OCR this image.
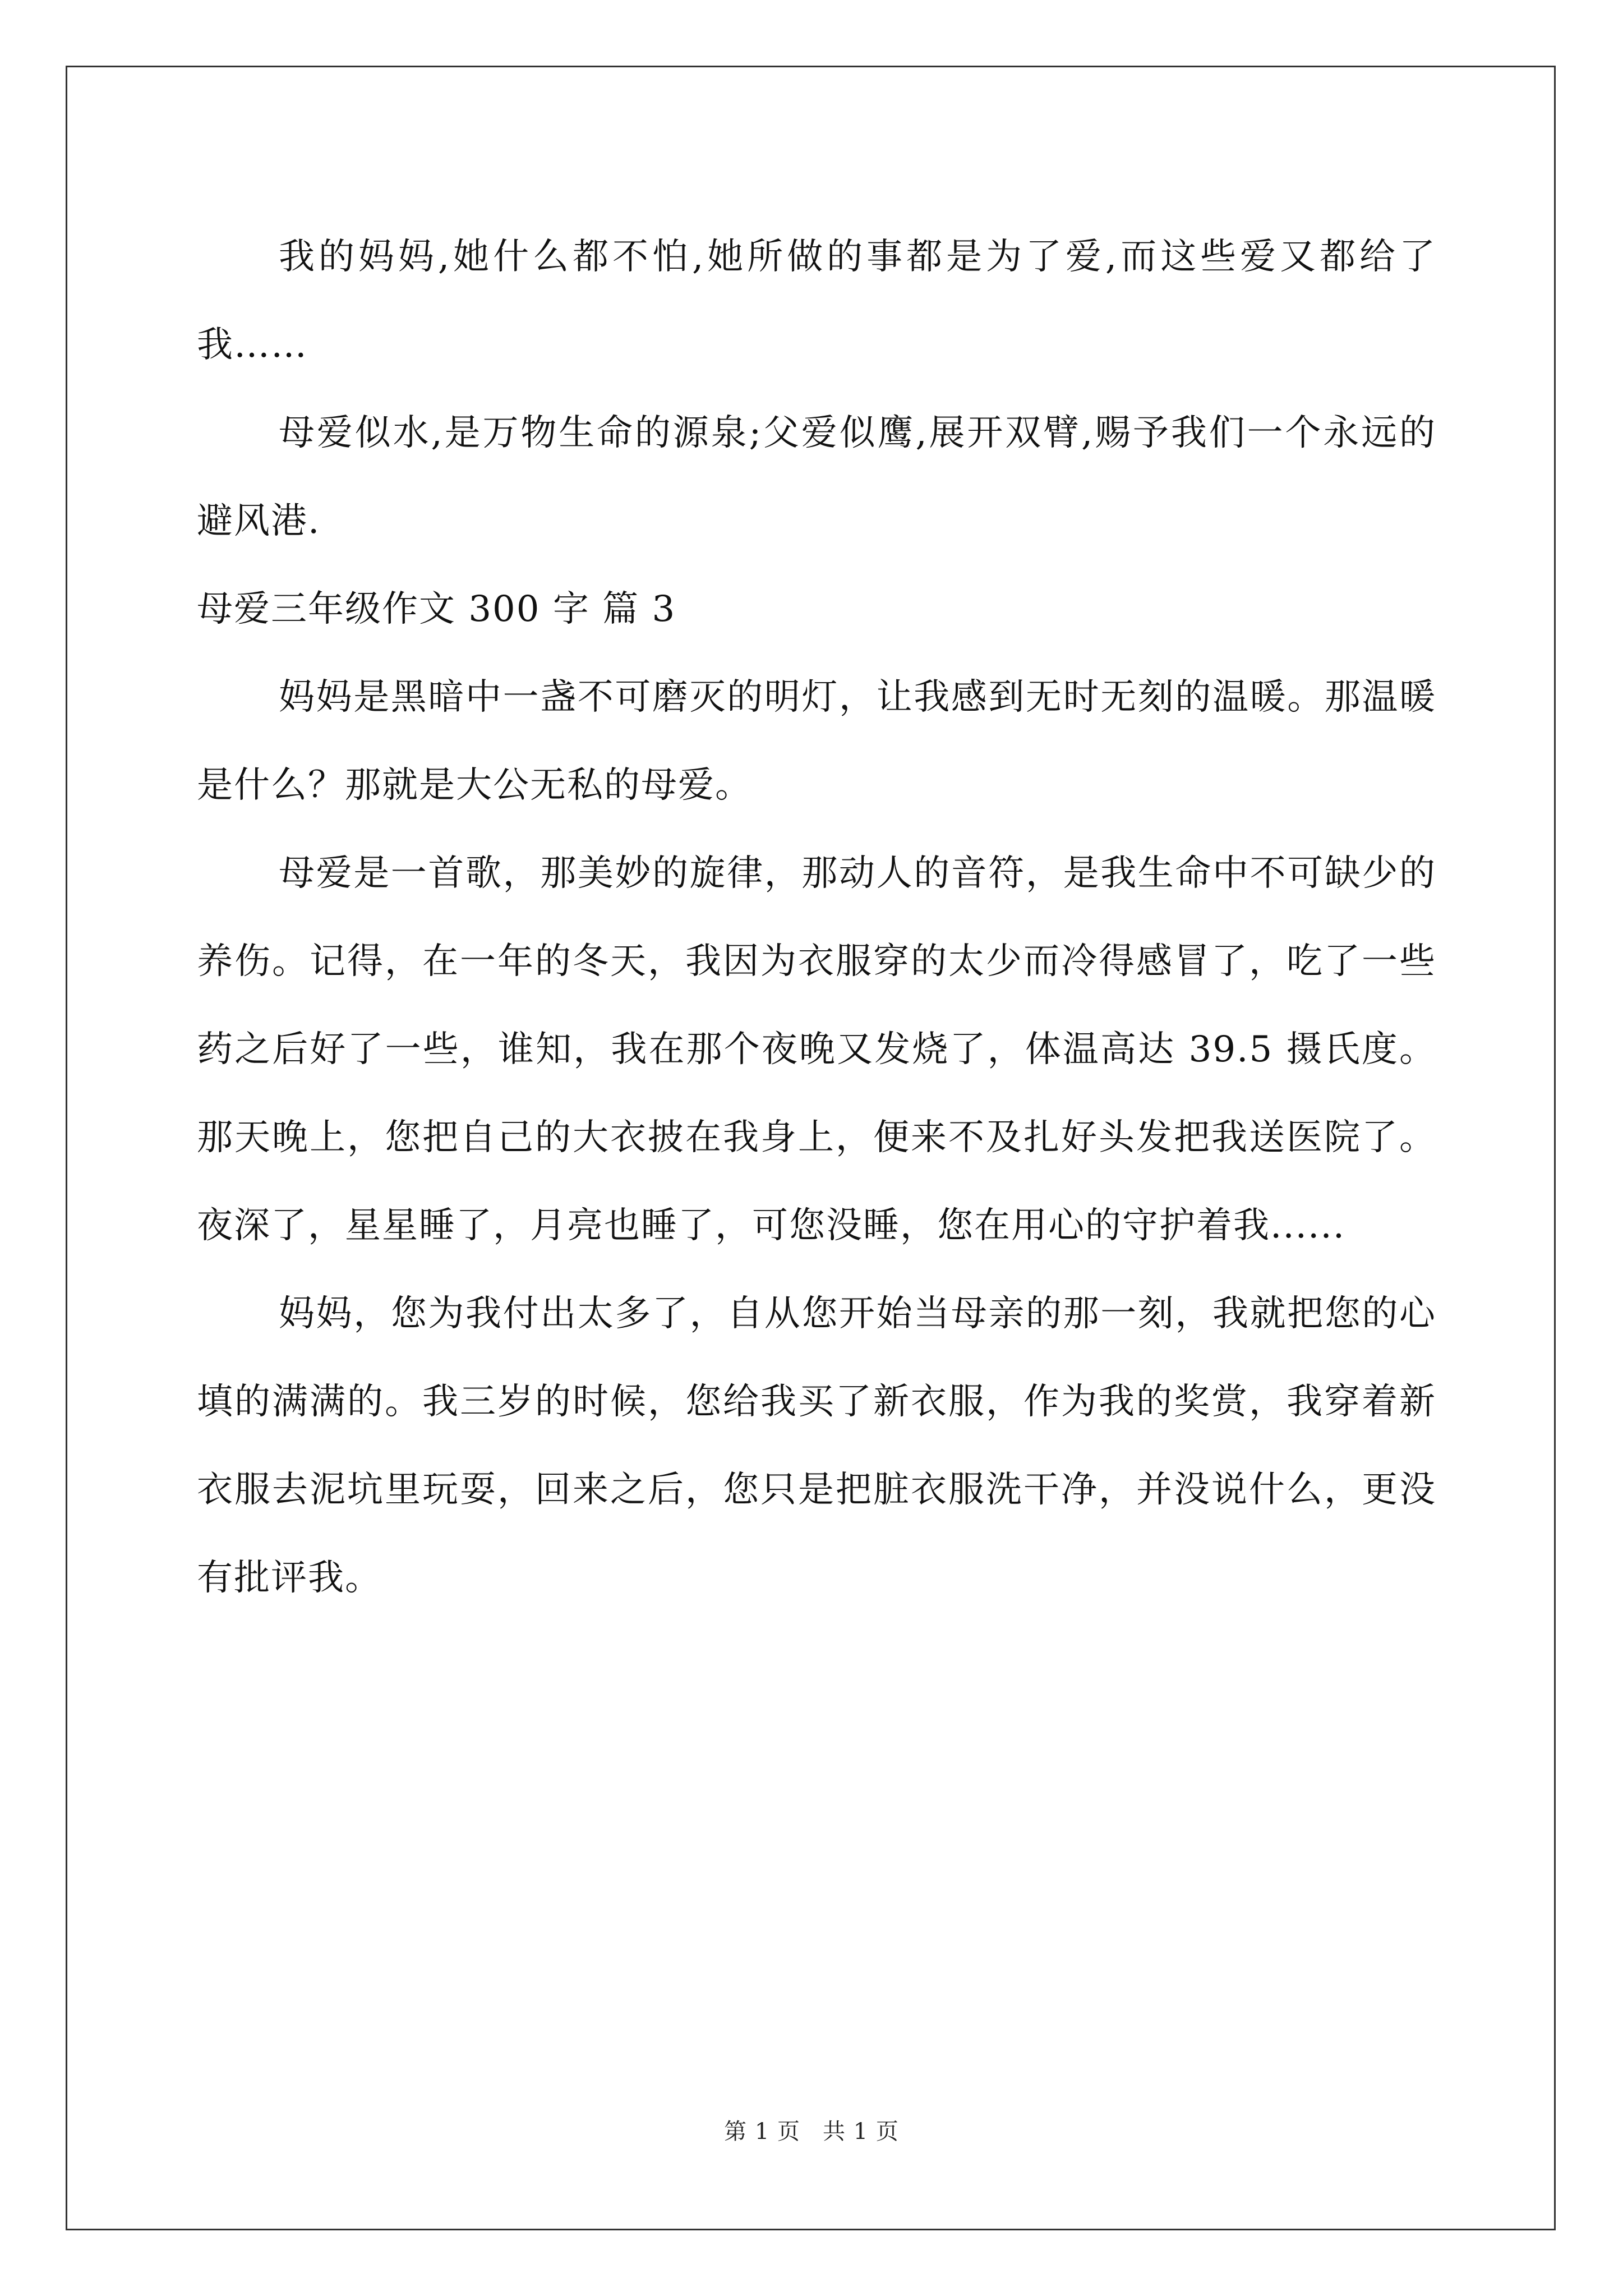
我的妈妈,她什么都不怕,她所做的事都是为了爱,而这些爱又都给了我……

母爱似水,是万物生命的源泉;父爱似鹰,展开双臂,赐予我们一个永远的避风港.

母爱三年级作文 300 字 篇 3

妈妈是黑暗中一盏不可磨灭的明灯，让我感到无时无刻的温暖。那温暖是什么？那就是大公无私的母爱。

母爱是一首歌，那美妙的旋律，那动人的音符，是我生命中不可缺少的养伤。记得，在一年的冬天，我因为衣服穿的太少而冷得感冒了，吃了一些药之后好了一些，谁知，我在那个夜晚又发烧了，体温高达 39.5 摄氏度。那天晚上，您把自己的大衣披在我身上，便来不及扎好头发把我送医院了。夜深了，星星睡了，月亮也睡了，可您没睡，您在用心的守护着我......

妈妈，您为我付出太多了，自从您开始当母亲的那一刻，我就把您的心填的满满的。我三岁的时候，您给我买了新衣服，作为我的奖赏，我穿着新衣服去泥坑里玩耍，回来之后，您只是把脏衣服洗干净，并没说什么，更没有批评我。

第 1 页 共 1 页
